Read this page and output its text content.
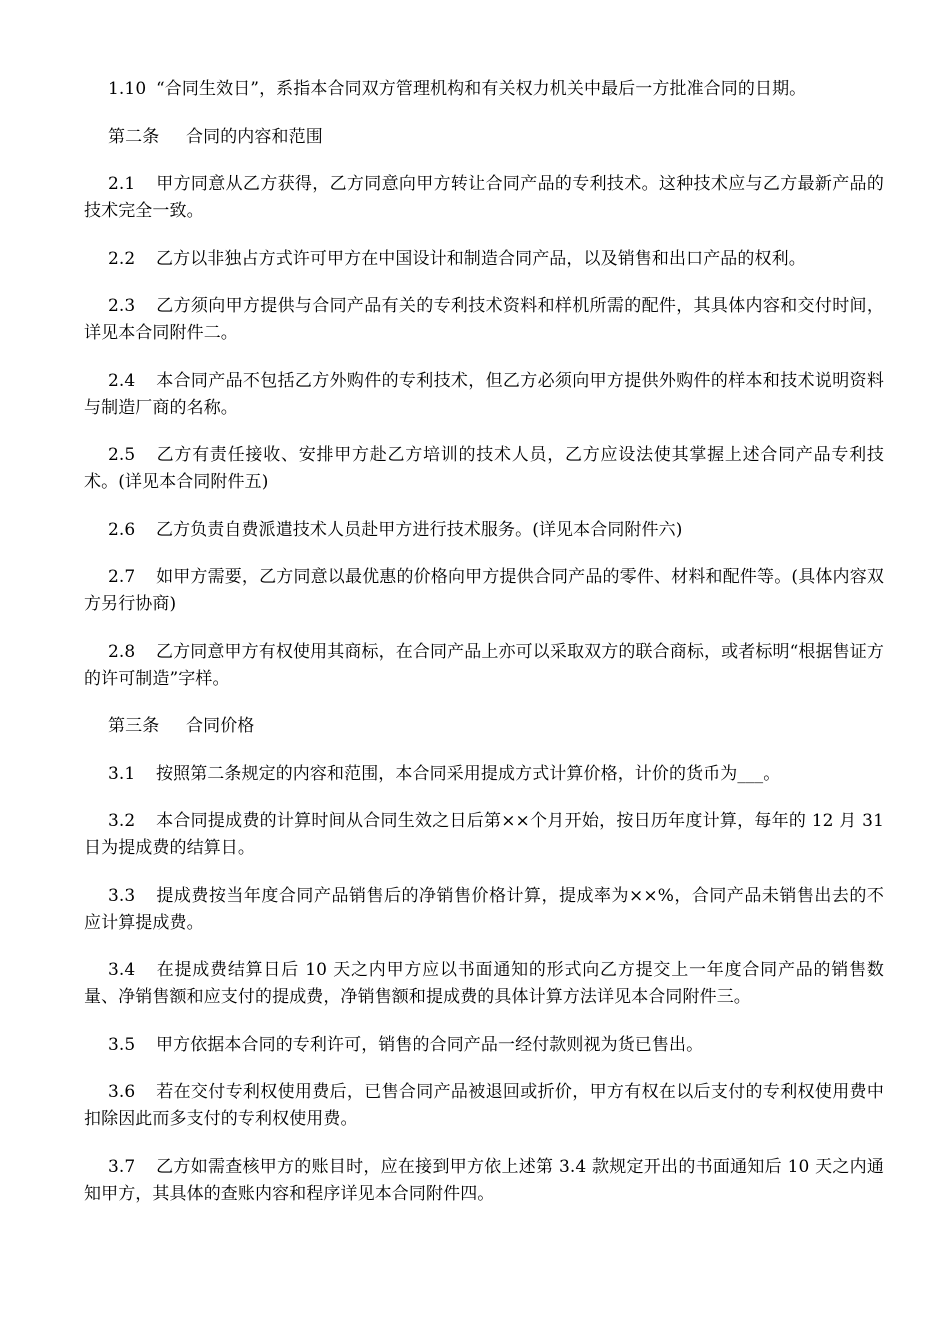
1.10 “合同生效日”，系指本合同双方管理机构和有关权力机关中最后一方批准合同的日期。

第二条 合同的内容和范围

2.1 甲方同意从乙方获得，乙方同意向甲方转让合同产品的专利技术。这种技术应与乙方最新产品的技术完全一致。

2.2 乙方以非独占方式许可甲方在中国设计和制造合同产品，以及销售和出口产品的权利。

2.3 乙方须向甲方提供与合同产品有关的专利技术资料和样机所需的配件，其具体内容和交付时间，详见本合同附件二。

2.4 本合同产品不包括乙方外购件的专利技术，但乙方必须向甲方提供外购件的样本和技术说明资料与制造厂商的名称。

2.5 乙方有责任接收、安排甲方赴乙方培训的技术人员，乙方应设法使其掌握上述合同产品专利技术。(详见本合同附件五)

2.6 乙方负责自费派遣技术人员赴甲方进行技术服务。(详见本合同附件六)

2.7 如甲方需要，乙方同意以最优惠的价格向甲方提供合同产品的零件、材料和配件等。(具体内容双方另行协商)

2.8 乙方同意甲方有权使用其商标，在合同产品上亦可以采取双方的联合商标，或者标明“根据售证方的许可制造”字样。

第三条 合同价格

3.1 按照第二条规定的内容和范围，本合同采用提成方式计算价格，计价的货币为___。

3.2 本合同提成费的计算时间从合同生效之日后第××个月开始，按日历年度计算，每年的 12 月 31 日为提成费的结算日。

3.3 提成费按当年度合同产品销售后的净销售价格计算，提成率为××%，合同产品未销售出去的不应计算提成费。

3.4 在提成费结算日后 10 天之内甲方应以书面通知的形式向乙方提交上一年度合同产品的销售数量、净销售额和应支付的提成费，净销售额和提成费的具体计算方法详见本合同附件三。

3.5 甲方依据本合同的专利许可，销售的合同产品一经付款则视为货已售出。

3.6 若在交付专利权使用费后，已售合同产品被退回或折价，甲方有权在以后支付的专利权使用费中扣除因此而多支付的专利权使用费。

3.7 乙方如需查核甲方的账目时，应在接到甲方依上述第 3.4 款规定开出的书面通知后 10 天之内通知甲方，其具体的查账内容和程序详见本合同附件四。
